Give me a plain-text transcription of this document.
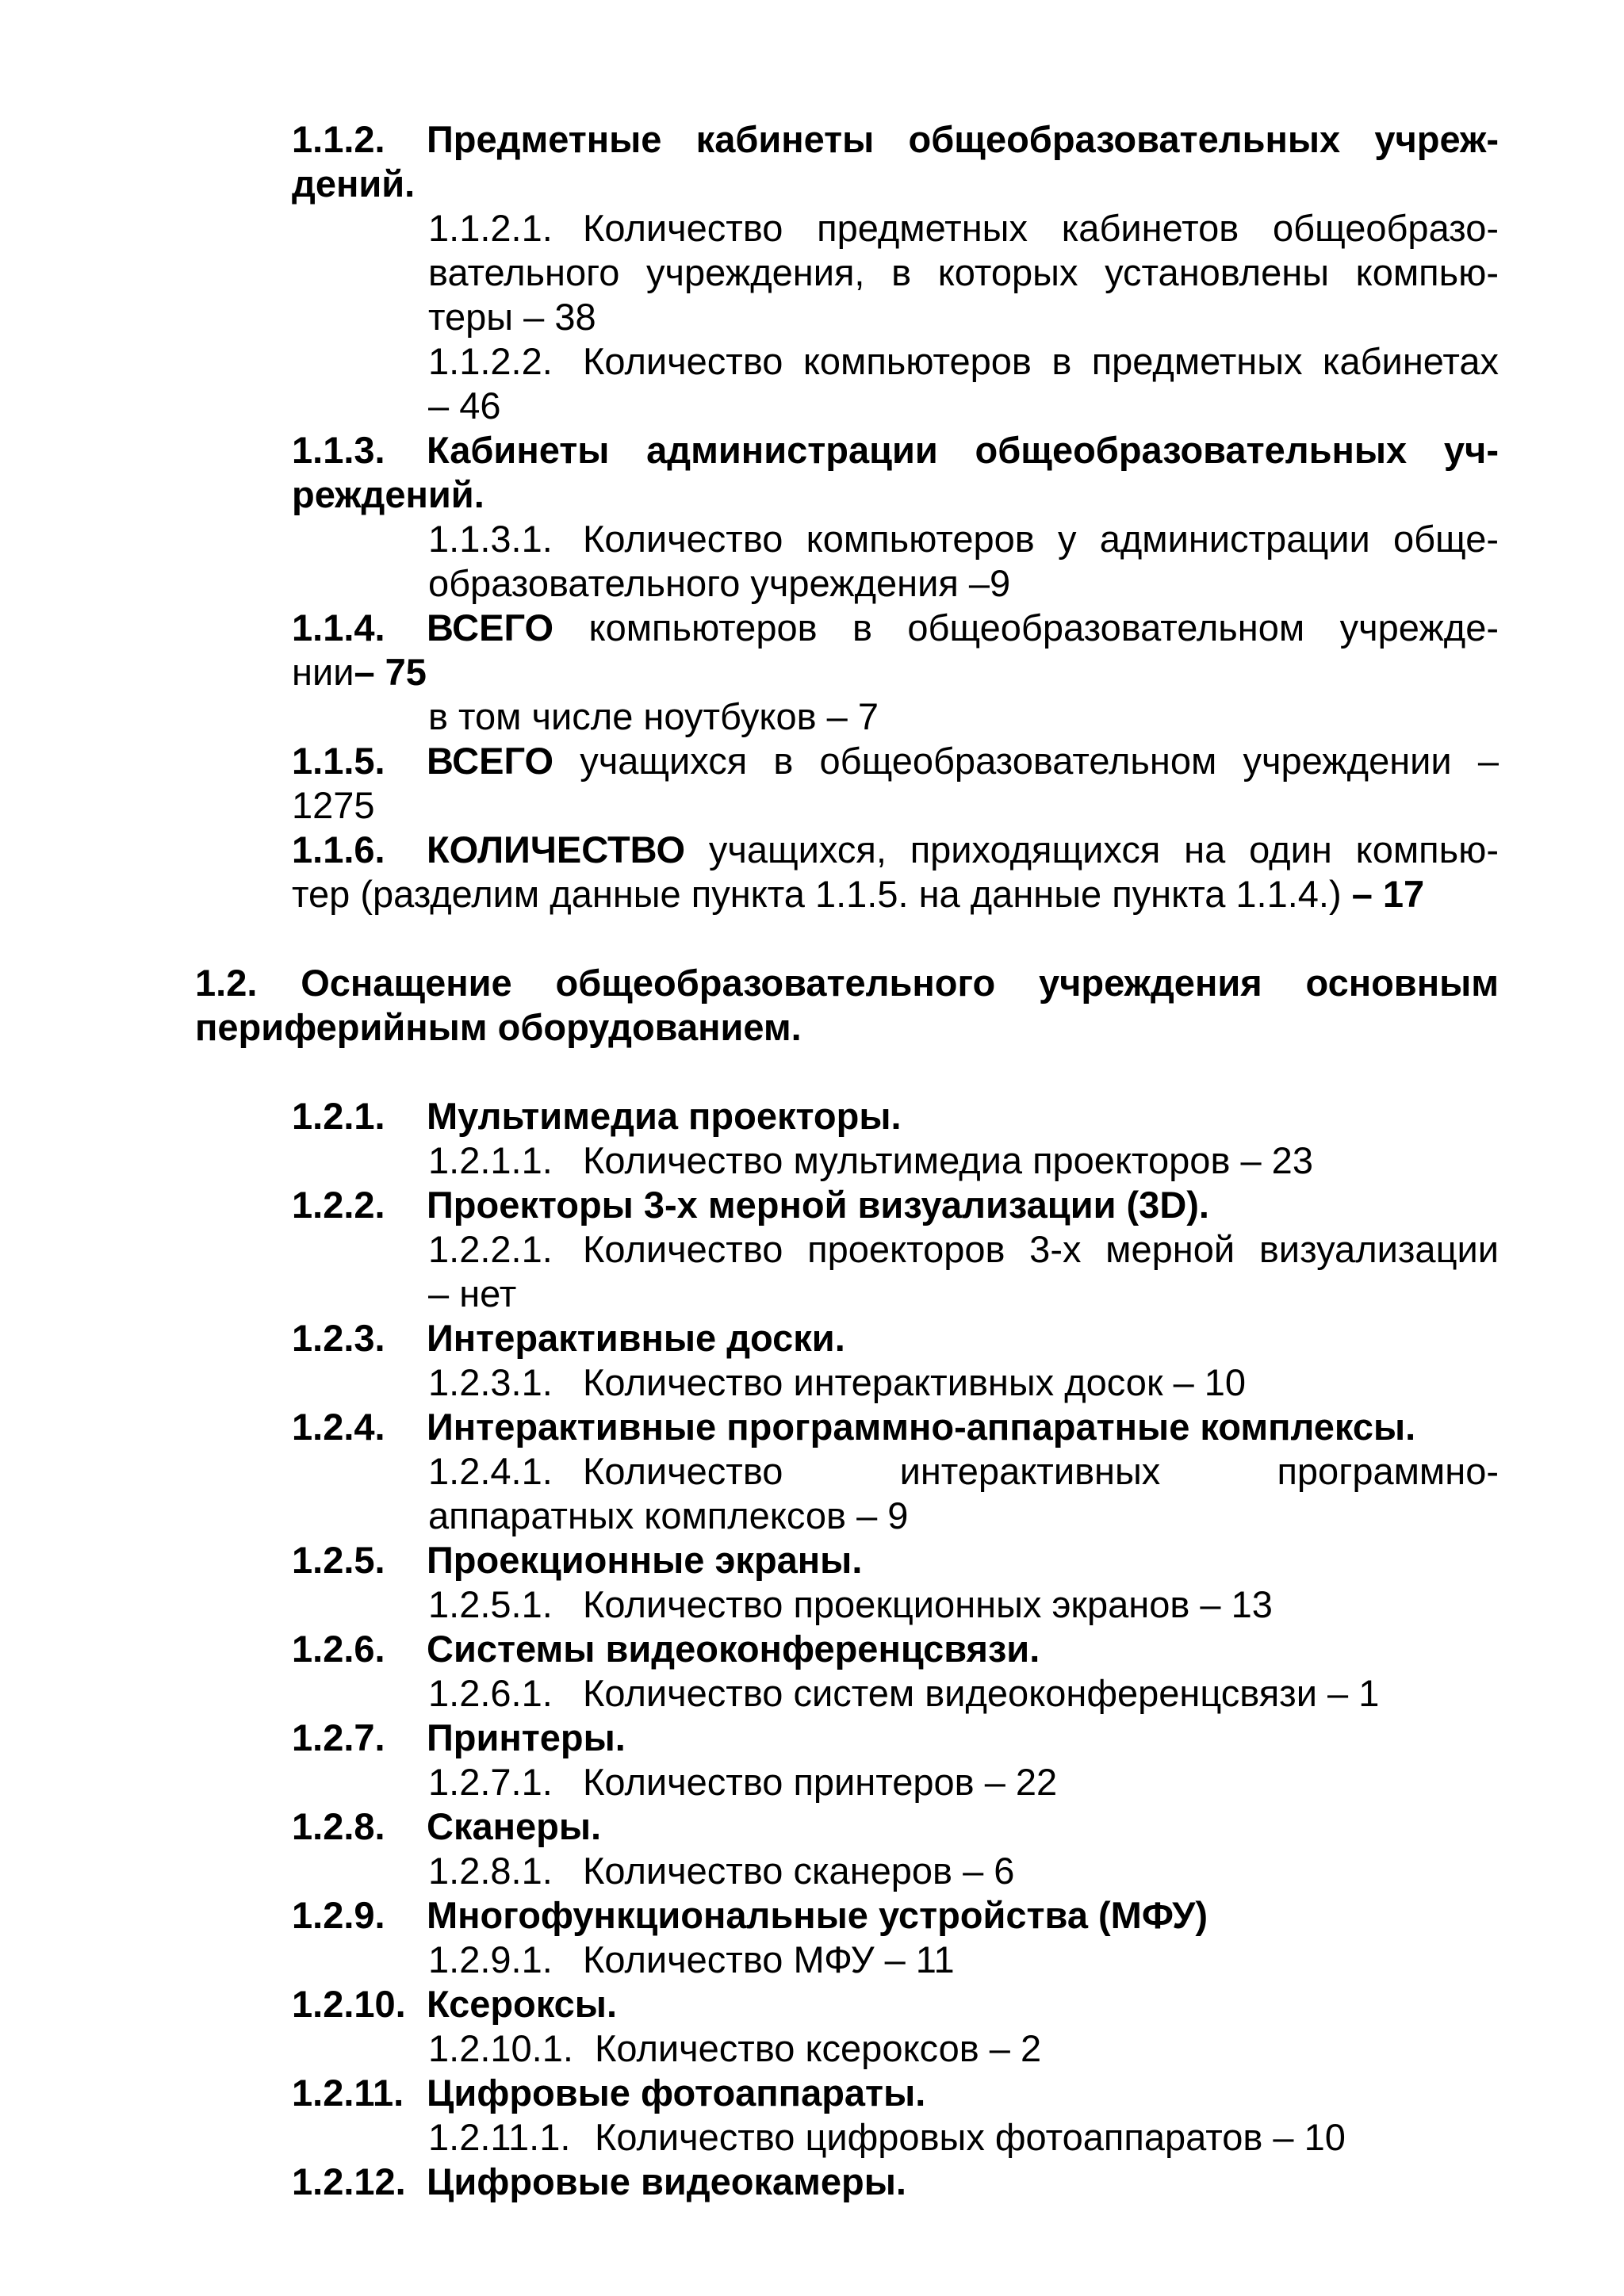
1.1.2. Предметные кабинеты общеобразовательных учреж-
дений.
1.1.2.1. Количество предметных кабинетов общеобразо-
вательного учреждения, в которых установлены компью-
теры – 38
1.1.2.2. Количество компьютеров в предметных кабинетах
– 46
1.1.3. Кабинеты администрации общеобразовательных уч-
реждений.
1.1.3.1. Количество компьютеров у администрации обще-
образовательного учреждения –9
1.1.4. ВСЕГО компьютеров в общеобразовательном учрежде-
нии– 75
в том числе ноутбуков – 7
1.1.5. ВСЕГО учащихся в общеобразовательном учреждении –
1275
1.1.6. КОЛИЧЕСТВО учащихся, приходящихся на один компью-
тер (разделим данные пункта 1.1.5. на данные пункта 1.1.4.) – 17
1.2. Оснащение общеобразовательного учреждения основным
периферийным оборудованием.
1.2.1. Мультимедиа проекторы.
1.2.1.1. Количество мультимедиа проекторов – 23
1.2.2. Проекторы 3-х мерной визуализации (3D).
1.2.2.1. Количество проекторов 3-х мерной визуализации
– нет
1.2.3. Интерактивные доски.
1.2.3.1. Количество интерактивных досок – 10
1.2.4. Интерактивные программно-аппаратные комплексы.
1.2.4.1. Количество интерактивных программно-
аппаратных комплексов – 9
1.2.5. Проекционные экраны.
1.2.5.1. Количество проекционных экранов – 13
1.2.6. Системы видеоконференцсвязи.
1.2.6.1. Количество систем видеоконференцсвязи – 1
1.2.7. Принтеры.
1.2.7.1. Количество принтеров – 22
1.2.8. Сканеры.
1.2.8.1. Количество сканеров – 6
1.2.9. Многофункциональные устройства (МФУ)
1.2.9.1. Количество МФУ – 11
1.2.10. Ксероксы.
1.2.10.1. Количество ксероксов – 2
1.2.11. Цифровые фотоаппараты.
1.2.11.1. Количество цифровых фотоаппаратов – 10
1.2.12. Цифровые видеокамеры.
